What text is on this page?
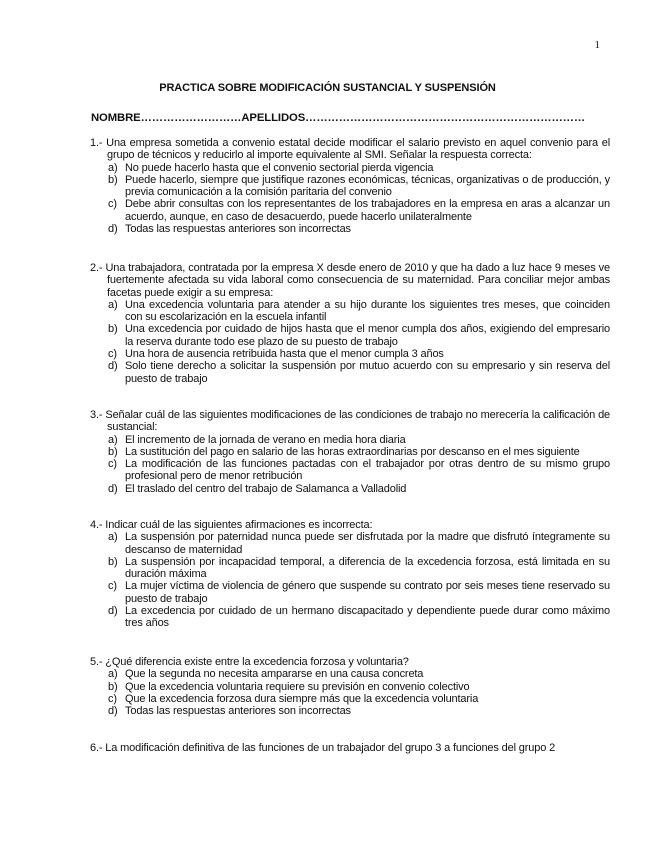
1
PRACTICA SOBRE MODIFICACIÓN SUSTANCIAL Y SUSPENSIÓN
NOMBRE………………………APELLIDOS…………………………………………………………………
1.- Una empresa sometida a convenio estatal decide modificar el salario previsto en aquel convenio para el grupo de técnicos y reducirlo al importe equivalente al SMI. Señalar la respuesta correcta:
a) No puede hacerlo hasta que el convenio sectorial pierda vigencia
b) Puede hacerlo, siempre que justifique razones económicas, técnicas, organizativas o de producción, y previa comunicación a la comisión paritaria del convenio
c) Debe abrir consultas con los representantes de los trabajadores en la empresa en aras a alcanzar un acuerdo, aunque, en caso de desacuerdo, puede hacerlo unilateralmente
d) Todas las respuestas anteriores son incorrectas
2.- Una trabajadora, contratada por la empresa X desde enero de 2010 y que ha dado a luz hace 9 meses ve fuertemente afectada su vida laboral como consecuencia de su maternidad. Para conciliar mejor ambas facetas puede exigir a su empresa:
a) Una excedencia voluntaria para atender a su hijo durante los siguientes tres meses, que coinciden con su escolarización en la escuela infantil
b) Una excedencia por cuidado de hijos hasta que el menor cumpla dos años, exigiendo del empresario la reserva durante todo ese plazo de su puesto de trabajo
c) Una hora de ausencia retribuida hasta que el menor cumpla 3 años
d) Solo tiene derecho a solicitar la suspensión por mutuo acuerdo con su empresario y sin reserva del puesto de trabajo
3.- Señalar cuál de las siguientes modificaciones de las condiciones de trabajo no merecería la calificación de sustancial:
a) El incremento de la jornada de verano en media hora diaria
b) La sustitución del pago en salario de las horas extraordinarias por descanso en el mes siguiente
c) La modificación de las funciones pactadas con el trabajador por otras dentro de su mismo grupo profesional pero de menor retribución
d) El traslado del centro del trabajo de Salamanca a Valladolid
4.- Indicar cuál de las siguientes afirmaciones es incorrecta:
a) La suspensión por paternidad nunca puede ser disfrutada por la madre que disfrutó íntegramente su descanso de maternidad
b) La suspensión por incapacidad temporal, a diferencia de la excedencia forzosa, está limitada en su duración máxima
c) La mujer víctima de violencia de género que suspende su contrato por seis meses tiene reservado su puesto de trabajo
d) La excedencia por cuidado de un hermano discapacitado y dependiente puede durar como máximo tres años
5.- ¿Qué diferencia existe entre la excedencia forzosa y voluntaria?
a) Que la segunda no necesita ampararse en una causa concreta
b) Que la excedencia voluntaria requiere su previsión en convenio colectivo
c) Que la excedencia forzosa dura siempre más que la excedencia voluntaria
d) Todas las respuestas anteriores son incorrectas
6.- La modificación definitiva de las funciones de un trabajador del grupo 3 a funciones del grupo 2
